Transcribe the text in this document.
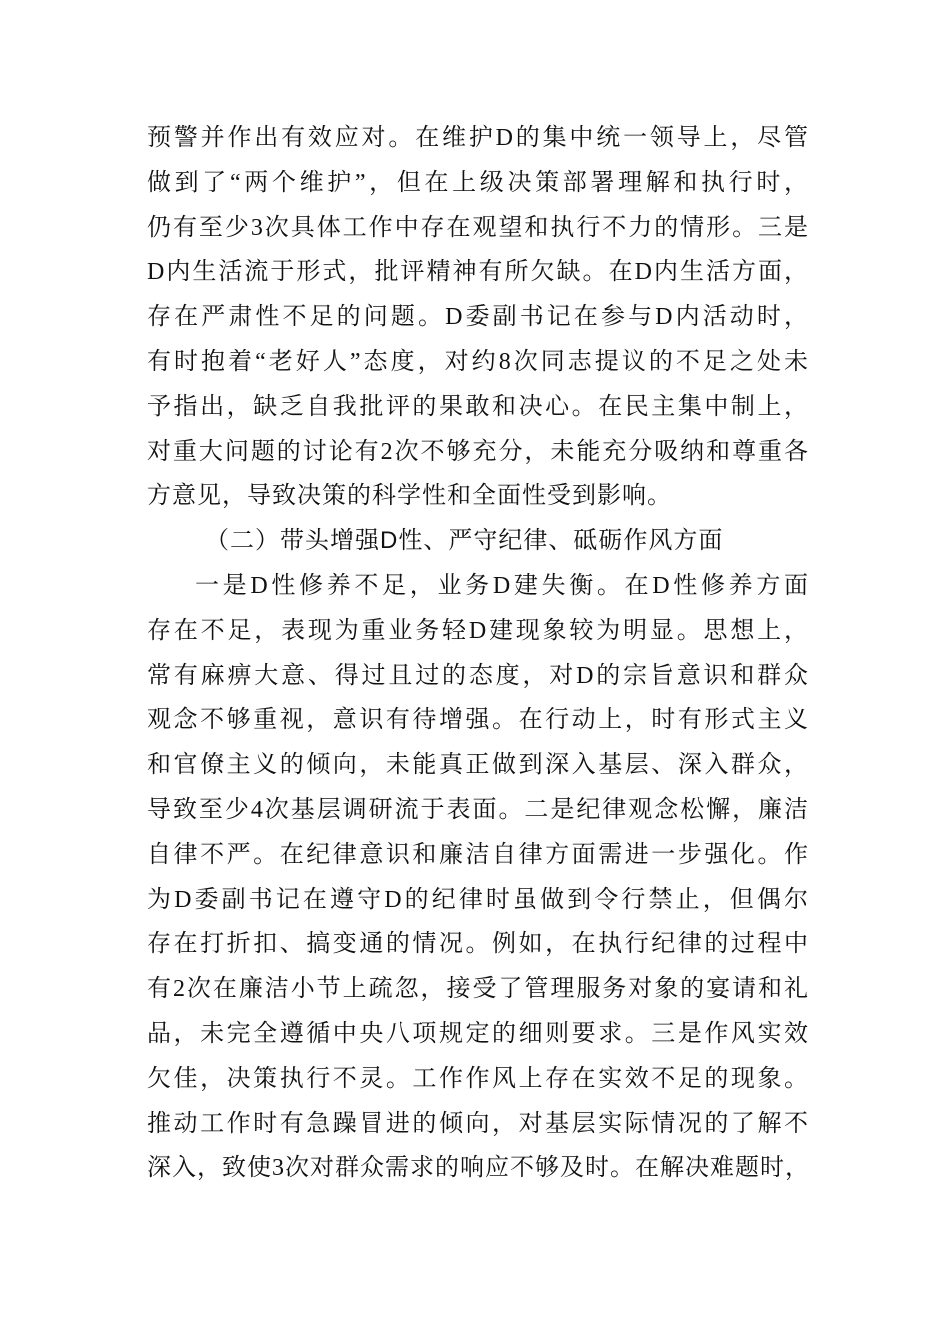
预警并作出有效应对。在维护D的集中统一领导上，尽管
做到了“两个维护”，但在上级决策部署理解和执行时，
仍有至少3次具体工作中存在观望和执行不力的情形。三是
D内生活流于形式，批评精神有所欠缺。在D内生活方面，
存在严肃性不足的问题。D委副书记在参与D内活动时，
有时抱着“老好人”态度，对约8次同志提议的不足之处未
予指出，缺乏自我批评的果敢和决心。在民主集中制上，
对重大问题的讨论有2次不够充分，未能充分吸纳和尊重各
方意见，导致决策的科学性和全面性受到影响。
（二）带头增强D性、严守纪律、砥砺作风方面
一是D性修养不足，业务D建失衡。在D性修养方面
存在不足，表现为重业务轻D建现象较为明显。思想上，
常有麻痹大意、得过且过的态度，对D的宗旨意识和群众
观念不够重视，意识有待增强。在行动上，时有形式主义
和官僚主义的倾向，未能真正做到深入基层、深入群众，
导致至少4次基层调研流于表面。二是纪律观念松懈，廉洁
自律不严。在纪律意识和廉洁自律方面需进一步强化。作
为D委副书记在遵守D的纪律时虽做到令行禁止，但偶尔
存在打折扣、搞变通的情况。例如，在执行纪律的过程中
有2次在廉洁小节上疏忽，接受了管理服务对象的宴请和礼
品，未完全遵循中央八项规定的细则要求。三是作风实效
欠佳，决策执行不灵。工作作风上存在实效不足的现象。
推动工作时有急躁冒进的倾向，对基层实际情况的了解不
深入，致使3次对群众需求的响应不够及时。在解决难题时，
